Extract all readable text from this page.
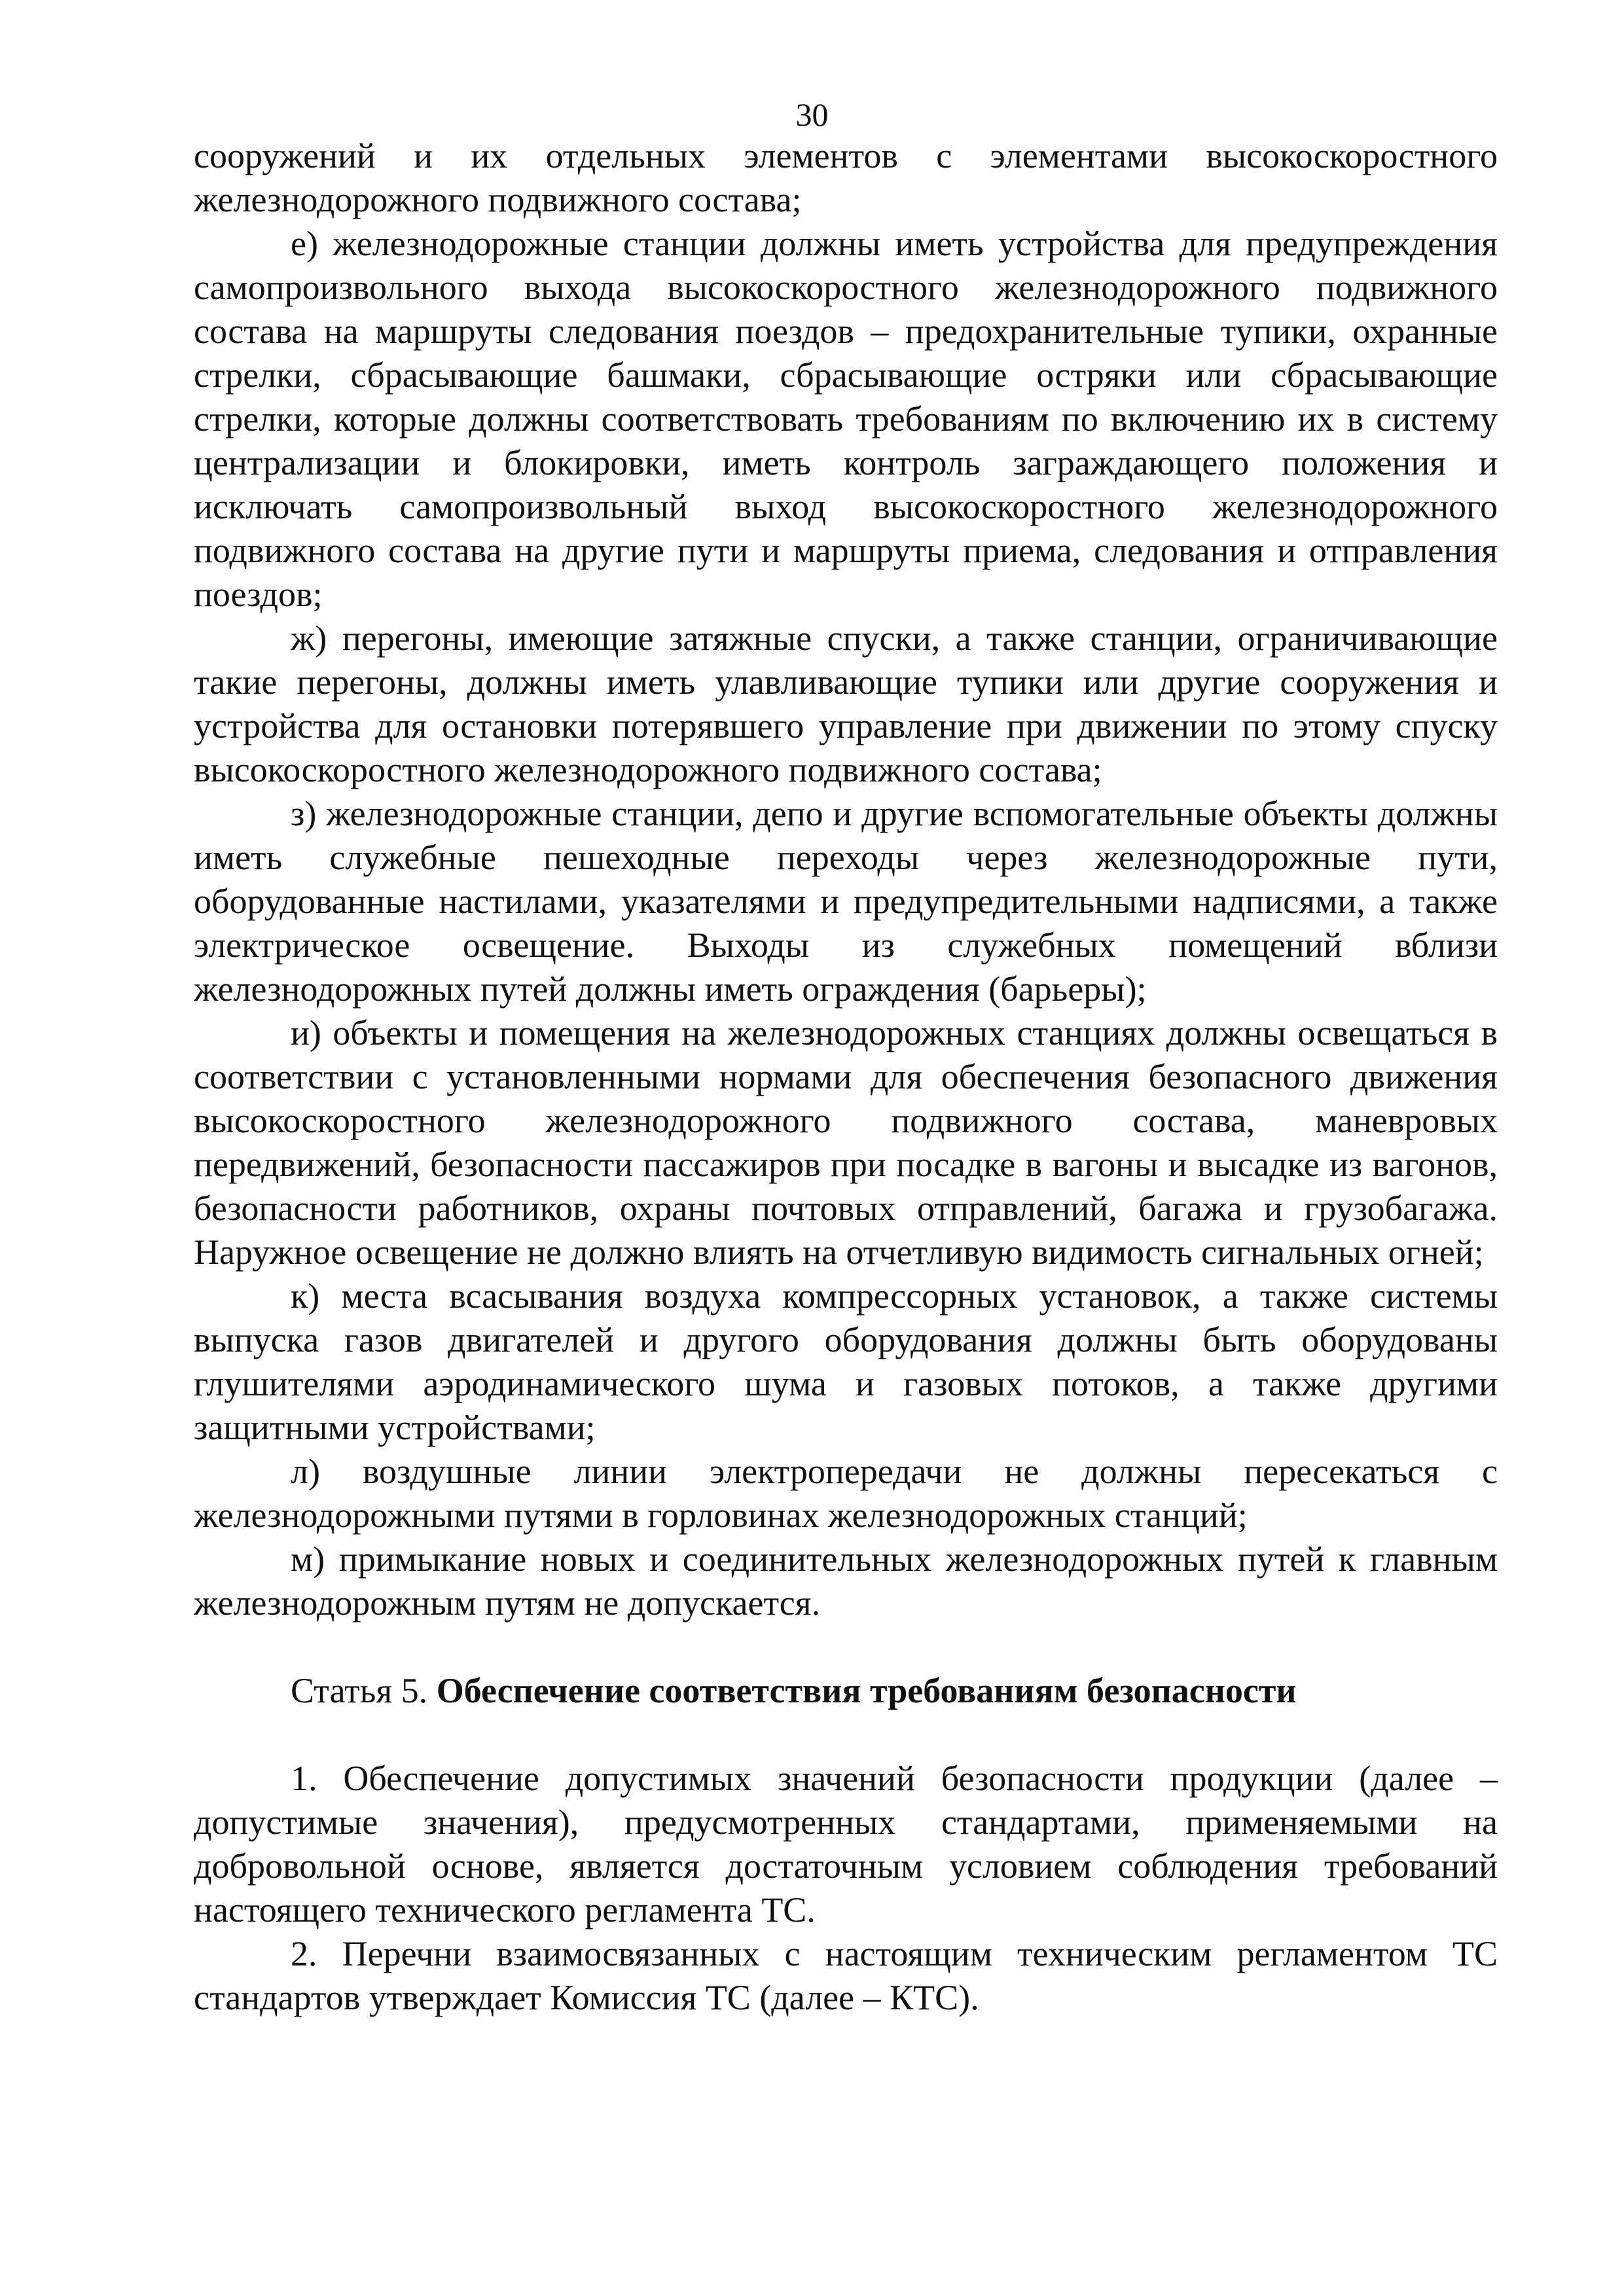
30

сооружений и их отдельных элементов с элементами высокоскоростного железнодорожного подвижного состава;

е) железнодорожные станции должны иметь устройства для предупреждения самопроизвольного выхода высокоскоростного железнодорожного подвижного состава на маршруты следования поездов – предохранительные тупики, охранные стрелки, сбрасывающие башмаки, сбрасывающие остряки или сбрасывающие стрелки, которые должны соответствовать требованиям по включению их в систему централизации и блокировки, иметь контроль заграждающего положения и исключать самопроизвольный выход высокоскоростного железнодорожного подвижного состава на другие пути и маршруты приема, следования и отправления поездов;

ж) перегоны, имеющие затяжные спуски, а также станции, ограничивающие такие перегоны, должны иметь улавливающие тупики или другие сооружения и устройства для остановки потерявшего управление при движении по этому спуску высокоскоростного железнодорожного подвижного состава;

з) железнодорожные станции, депо и другие вспомогательные объекты должны иметь служебные пешеходные переходы через железнодорожные пути, оборудованные настилами, указателями и предупредительными надписями, а также электрическое освещение. Выходы из служебных помещений вблизи железнодорожных путей должны иметь ограждения (барьеры);

и) объекты и помещения на железнодорожных станциях должны освещаться в соответствии с установленными нормами для обеспечения безопасного движения высокоскоростного железнодорожного подвижного состава, маневровых передвижений, безопасности пассажиров при посадке в вагоны и высадке из вагонов, безопасности работников, охраны почтовых отправлений, багажа и грузобагажа. Наружное освещение не должно влиять на отчетливую видимость сигнальных огней;

к) места всасывания воздуха компрессорных установок, а также системы выпуска газов двигателей и другого оборудования должны быть оборудованы глушителями аэродинамического шума и газовых потоков, а также другими защитными устройствами;

л) воздушные линии электропередачи не должны пересекаться с железнодорожными путями в горловинах железнодорожных станций;

м) примыкание новых и соединительных железнодорожных путей к главным железнодорожным путям не допускается.

Статья 5. Обеспечение соответствия требованиям безопасности

1. Обеспечение допустимых значений безопасности продукции (далее – допустимые значения), предусмотренных стандартами, применяемыми на добровольной основе, является достаточным условием соблюдения требований настоящего технического регламента ТС.

2. Перечни взаимосвязанных с настоящим техническим регламентом ТС стандартов утверждает Комиссия ТС (далее – КТС).
